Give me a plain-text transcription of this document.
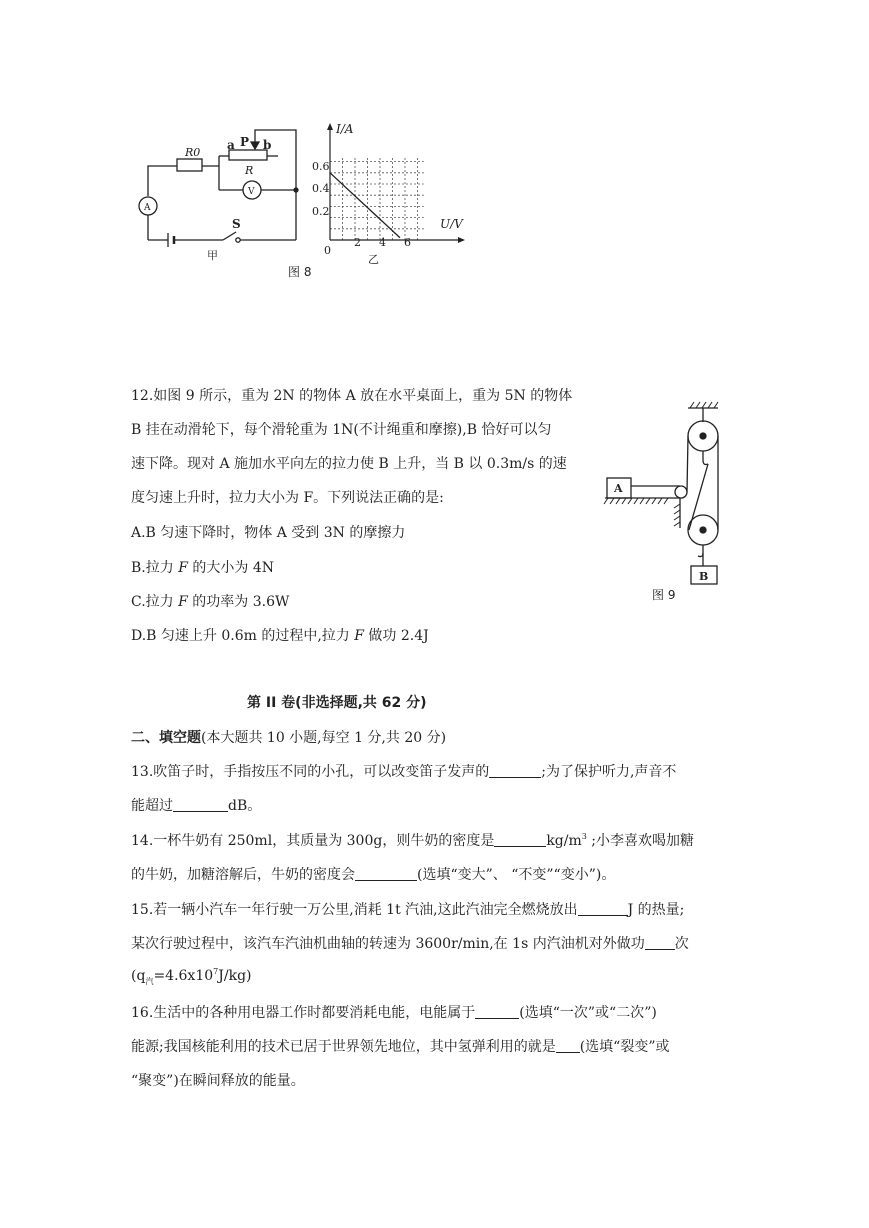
R0
P
a b
R
V
A
S
甲
I/A
U/V
0.6
0.4
0.2
0
2 4 6
乙
图 8
12.如图 9 所示，重为 2N 的物体 A 放在水平桌面上，重为 5N 的物体
B 挂在动滑轮下，每个滑轮重为 1N(不计绳重和摩擦),B 恰好可以匀
速下降。现对 A 施加水平向左的拉力使 B 上升，当 B 以 0.3m/s 的速
度匀速上升时，拉力大小为 F。下列说法正确的是:
A.B 匀速下降时，物体 A 受到 3N 的摩擦力
B.拉力 F 的大小为 4N
C.拉力 F 的功率为 3.6W
D.B 匀速上升 0.6m 的过程中,拉力 F 做功 2.4J
A
B
图 9
第 II 卷(非选择题,共 62 分)
二、填空题(本大题共 10 小题,每空 1 分,共 20 分)
13.吹笛子时，手指按压不同的小孔，可以改变笛子发声的	;为了保护听力,声音不
能超过	dB。
14.一杯牛奶有 250ml，其质量为 300g，则牛奶的密度是	$kg/m^3$ ;小李喜欢喝加糖
的牛奶，加糖溶解后，牛奶的密度会	(选填“变大”、 “不变”“变小”)。
15.若一辆小汽车一年行驶一万公里,消耗 1t 汽油,这此汽油完全燃烧放出	J 的热量;
某次行驶过程中，该汽车汽油机曲轴的转速为 3600r/min,在 1s 内汽油机对外做功 次
$(q_汽=4.6x10^7J/kg)$
16.生活中的各种用电器工作时都要消耗电能，电能属于	(选填“一次”或“二次”)
能源;我国核能利用的技术已居于世界领先地位，其中氢弹利用的就是 (选填“裂变”或
“聚变”)在瞬间释放的能量。
